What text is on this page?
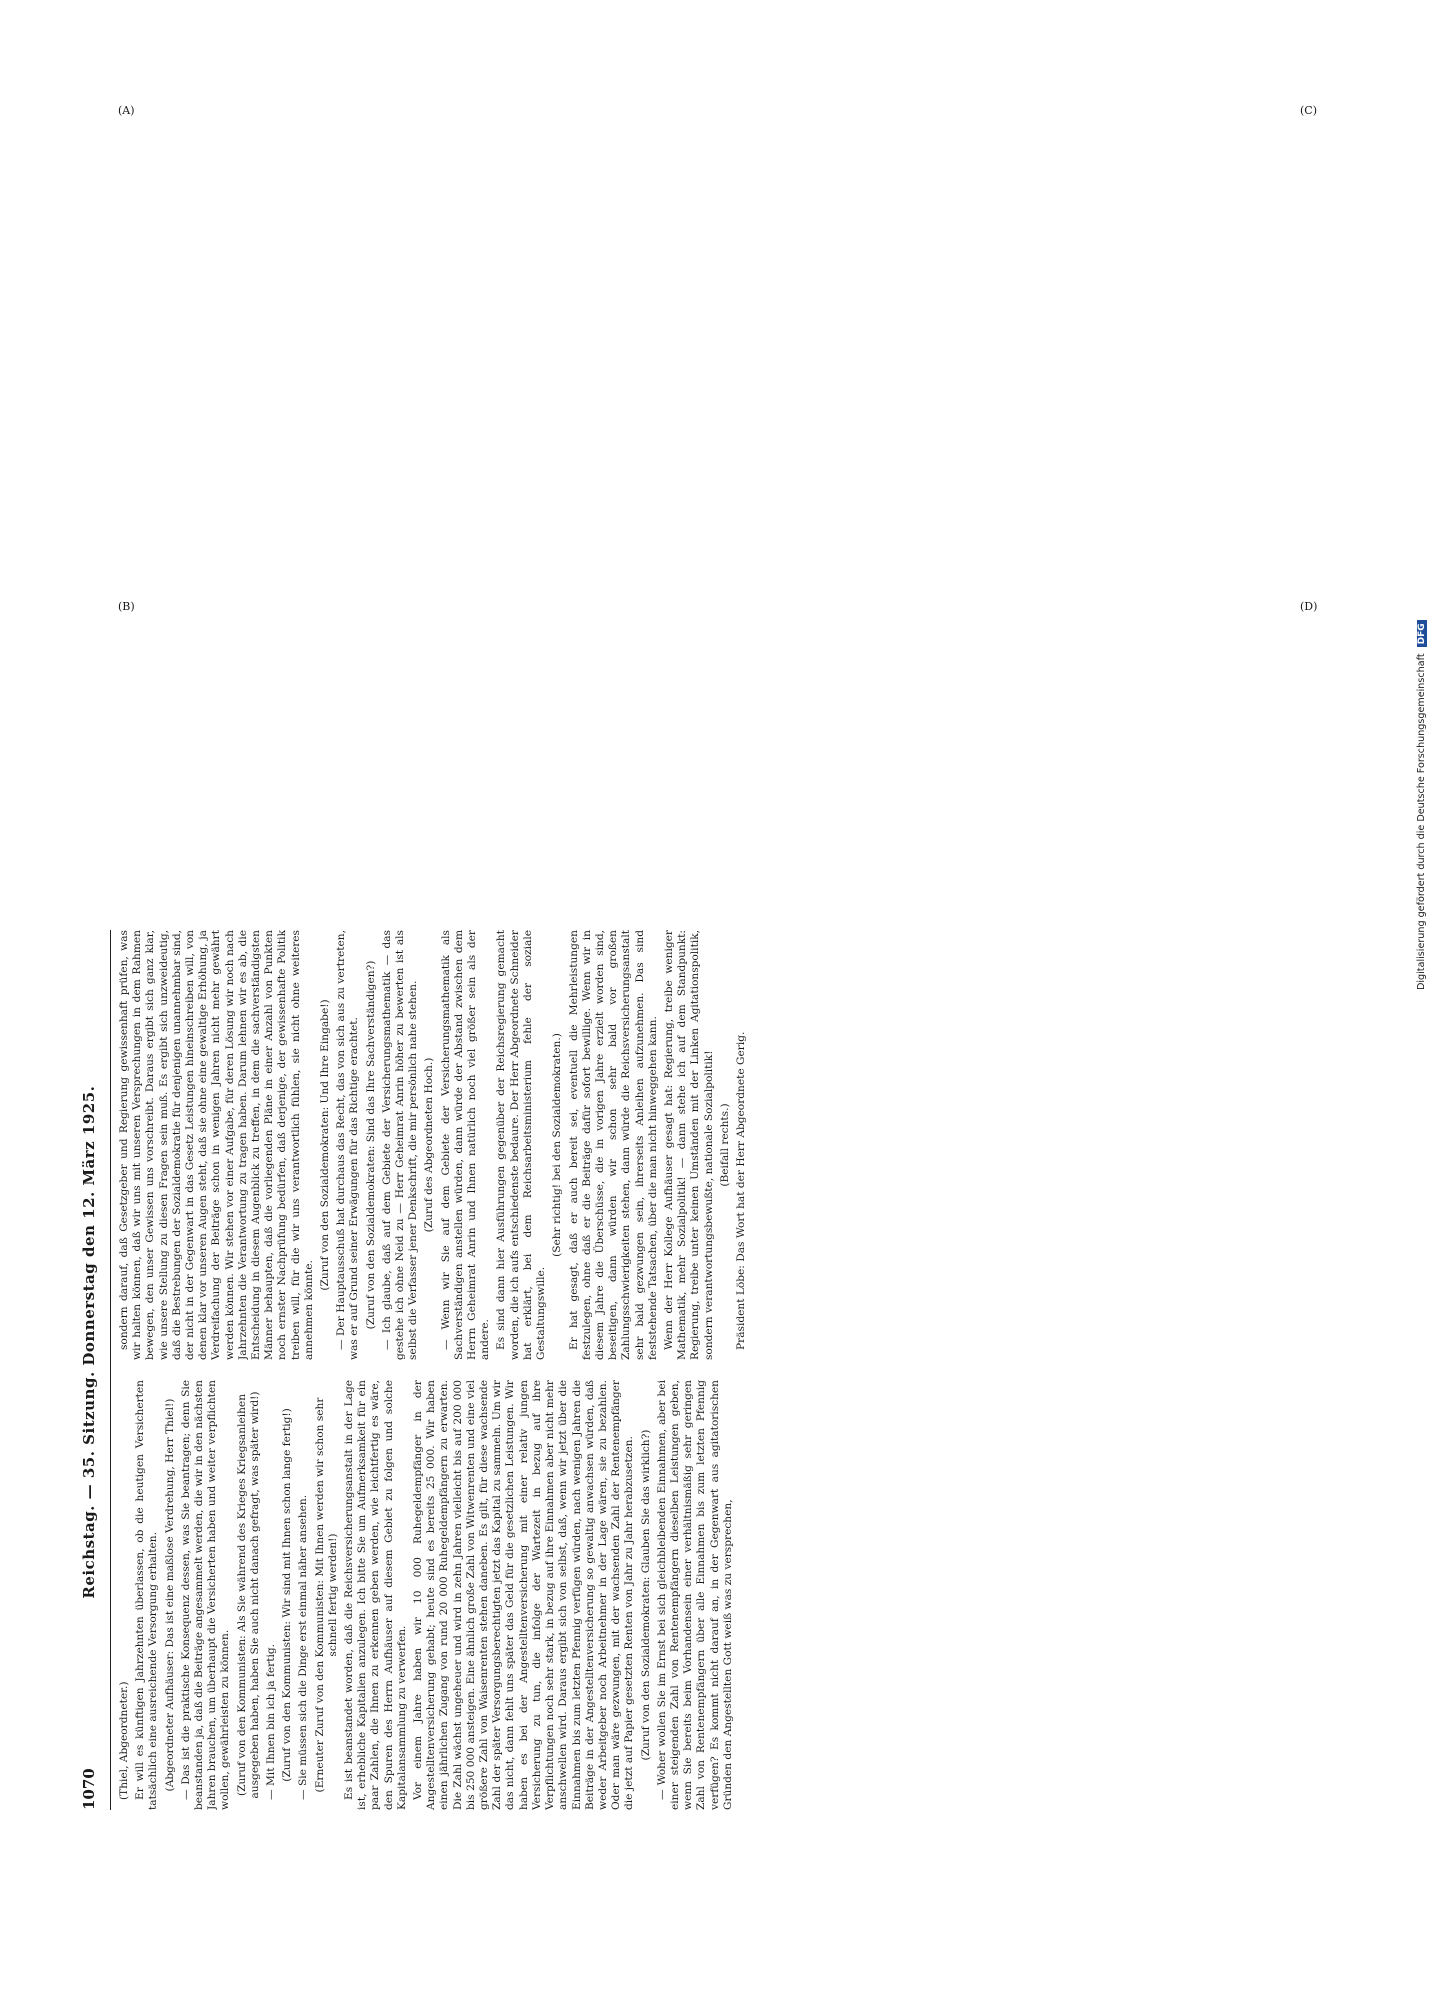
1070
Reichstag. — 35. Sitzung. Donnerstag den 12. März 1925.

(Thiel, Abgeordneter.) Er will es künftigen Jahrzehnten überlassen, ob die heutigen Versicherten tatsächlich eine ausreichende Versorgung erhalten. (Abgeordneter Aufhäuser: Das ist eine maßlose Verdrehung, Herr Thiel!) — Das ist die praktische Konsequenz dessen, was Sie beantragen; denn Sie beanstanden ja, daß die Beiträge angesammelt werden, die wir in den nächsten Jahren brauchen, um überhaupt die Versicherten haben und weiter verpflichten wollen, gewährleisten zu können. (Zuruf von den Kommunisten: Als Sie während des Krieges Kriegsanleihen ausgegeben haben, haben Sie auch nicht danach gefragt, was später wird!) — Mit Ihnen bin ich ja fertig. (Zuruf von den Kommunisten: Wir sind mit Ihnen schon lange fertig!) — Sie müssen sich die Dinge erst einmal näher ansehen. (Erneuter Zuruf von den Kommunisten: Mit Ihnen werden wir schon sehr schnell fertig werden!) Es ist beanstandet worden, daß die Reichsversicherungsanstalt in der Lage ist, erhebliche Kapitalien anzulegen. Ich bitte Sie um Aufmerksamkeit für ein paar Zahlen, die Ihnen zu erkennen geben werden, wie leichtfertig es wäre, den Spuren des Herrn Aufhäuser auf diesem Gebiet zu folgen und solche Kapitalansammlung zu verwerfen. Vor einem Jahre haben wir 10 000 Ruhegeldempfänger in der Angestelltenversicherung gehabt; heute sind es bereits 25 000. Wir haben einen jährlichen Zugang von rund 20 000 Ruhegeldempfängern zu erwarten. Die Zahl wächst ungeheuer und wird in zehn Jahren vielleicht bis auf 200 000 bis 250 000 ansteigen. Eine ähnlich große Zahl von Witwenrenten und eine viel größere Zahl von Waisenrenten stehen daneben. Es gilt, für diese wachsende Zahl der später Versorgungsberechtigten jetzt das Kapital zu sammeln. Um wir das nicht, dann fehlt uns später das Geld für die gesetzlichen Leistungen. Wir haben es bei der Angestelltenversicherung mit einer relativ jungen Versicherung zu tun, die infolge der Wartezeit in bezug auf ihre Verpflichtungen noch sehr stark, in bezug auf ihre Einnahmen aber nicht mehr anschwellen wird. Daraus ergibt sich von selbst, daß, wenn wir jetzt über die Einnahmen bis zum letzten Pfennig verfügen würden, nach wenigen Jahren die Beiträge in der Angestelltenversicherung so gewaltig anwachsen würden, daß weder Arbeitgeber noch Arbeitnehmer in der Lage wären, sie zu bezahlen. Oder man wäre gezwungen, mit der wachsenden Zahl der Rentenempfänger die jetzt auf Papier gesetzten Renten von Jahr zu Jahr herabzusetzen. (Zuruf von den Sozialdemokraten: Glauben Sie das wirklich?) — Woher wollen Sie im Ernst bei sich gleichbleibenden Einnahmen, aber bei einer steigenden Zahl von Rentenempfängern dieselben Leistungen geben, wenn Sie bereits beim Vorhandensein einer verhältnismäßig sehr geringen Zahl von Rentenempfängern über alle Einnahmen bis zum letzten Pfennig verfügen? Es kommt nicht darauf an, in der Gegenwart aus agitatorischen Gründen den Angestellten Gott weiß was zu versprechen,

sondern darauf, daß Gesetzgeber und Regierung gewissenhaft prüfen, was wir halten können, daß wir uns mit unseren Versprechungen in dem Rahmen bewegen, den unser Gewissen uns vorschreibt. Daraus ergibt sich ganz klar, wie unsere Stellung zu diesen Fragen sein muß. Es ergibt sich unzweideutig, daß die Bestrebungen der Sozialdemokratie für denjenigen unannehmbar sind, der nicht in der Gegenwart in das Gesetz Leistungen hineinschreiben will, von denen klar vor unseren Augen steht, daß sie ohne eine gewaltige Erhöhung, ja Verdreifachung der Beiträge schon in wenigen Jahren nicht mehr gewährt werden können. Wir stehen vor einer Aufgabe, für deren Lösung wir noch nach Jahrzehnten die Verantwortung zu tragen haben. Darum lehnen wir es ab, die Entscheidung in diesem Augenblick zu treffen, in dem die sachverständigsten Männer behaupten, daß die vorliegenden Pläne in einer Anzahl von Punkten noch ernster Nachprüfung bedürfen, daß derjenige, der gewissenhafte Politik treiben will, für die wir uns verantwortlich fühlen, sie nicht ohne weiteres annehmen könnte.

(Zuruf von den Sozialdemokraten: Und Ihre Eingabe!) — Der Hauptausschuß hat durchaus das Recht, das von sich aus zu vertreten, was er auf Grund seiner Erwägungen für das Richtige erachtet. (Zuruf von den Sozialdemokraten: Sind das Ihre Sachverständigen?) — Ich glaube, daß auf dem Gebiete der Versicherungsmathematik — das gestehe ich ohne Neid zu — Herr Geheimrat Anrin höher zu bewerten ist als selbst die Verfasser jener Denkschrift, die mir persönlich nahe stehen. (Zuruf des Abgeordneten Hoch.) — Wenn wir Sie auf dem Gebiete der Versicherungsmathematik als Sachverständigen anstellen würden, dann würde der Abstand zwischen dem Herrn Geheimrat Anrin und Ihnen natürlich noch viel größer sein als der andere. Es sind dann hier Ausführungen gegenüber der Reichsregierung gemacht worden, die ich aufs entschiedenste bedaure. Der Herr Abgeordnete Schneider hat erklärt, bei dem Reichsarbeitsministerium fehle der soziale Gestaltungswille.

(Sehr richtig! bei den Sozialdemokraten.) Er hat gesagt, daß er auch bereit sei, eventuell die Mehrleistungen festzulegen, ohne daß er die Beiträge dafür sofort bewillige. Wenn wir in diesem Jahre die Überschüsse, die in vorigen Jahre erzielt worden sind, beseitigen, dann würden wir schon sehr bald vor großen Zahlungsschwierigkeiten stehen, dann würde die Reichsversicherungsanstalt sehr bald gezwungen sein, ihrerseits Anleihen aufzunehmen. Das sind feststehende Tatsachen, über die man nicht hinweggehen kann. Wenn der Herr Kollege Aufhäuser gesagt hat: Regierung, treibe weniger Mathematik, mehr Sozialpolitik! — dann stehe ich auf dem Standpunkt: Regierung, treibe unter keinen Umständen mit der Linken Agitationspolitik, sondern verantwortungsbewußte, nationale Sozialpolitik! (Beifall rechts.) Präsident Löbe: Das Wort hat der Herr Abgeordnete Gerig.

Digitalisierung gefördert durch die Deutsche Forschungsgemeinschaft DFG
(A)
(B)
(C)
(D)
